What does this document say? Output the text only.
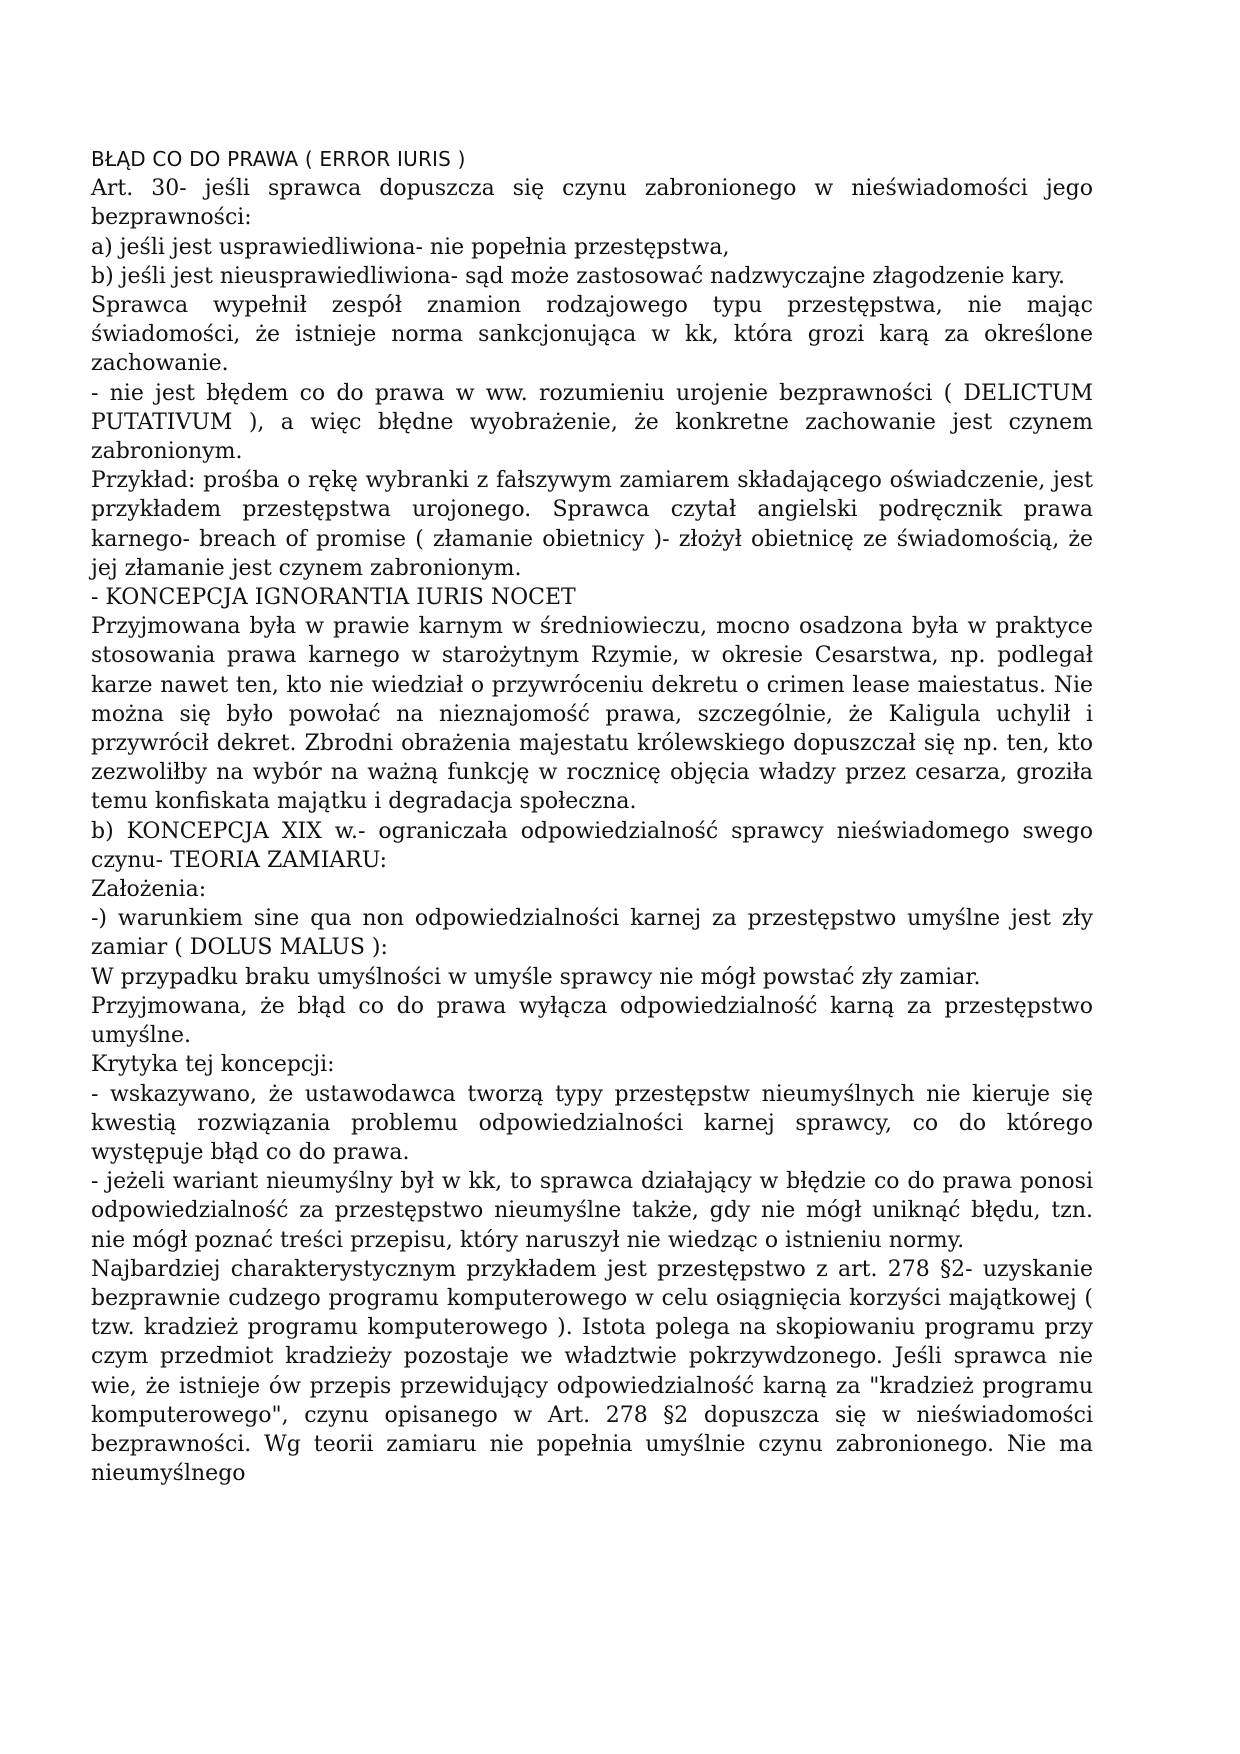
BŁĄD CO DO PRAWA ( ERROR IURIS )

Art. 30- jeśli sprawca dopuszcza się czynu zabronionego w nieświadomości jego bezprawności:

a) jeśli jest usprawiedliwiona- nie popełnia przestępstwa,

b) jeśli jest nieusprawiedliwiona- sąd może zastosować nadzwyczajne złagodzenie kary.

Sprawca wypełnił zespół znamion rodzajowego typu przestępstwa, nie mając świadomości, że istnieje norma sankcjonująca w kk, która grozi karą za określone zachowanie.

- nie jest błędem co do prawa w ww. rozumieniu urojenie bezprawności ( DELICTUM PUTATIVUM ), a więc błędne wyobrażenie, że konkretne zachowanie jest czynem zabronionym.

Przykład: prośba o rękę wybranki z fałszywym zamiarem składającego oświadczenie, jest przykładem przestępstwa urojonego. Sprawca czytał angielski podręcznik prawa karnego- breach of promise ( złamanie obietnicy )- złożył obietnicę ze świadomością, że jej złamanie jest czynem zabronionym.

- KONCEPCJA IGNORANTIA IURIS NOCET

Przyjmowana była w prawie karnym w średniowieczu, mocno osadzona była w praktyce stosowania prawa karnego w starożytnym Rzymie, w okresie Cesarstwa, np. podlegał karze nawet ten, kto nie wiedział o przywróceniu dekretu o crimen lease maiestatus. Nie można się było powołać na nieznajomość prawa, szczególnie, że Kaligula uchylił i przywrócił dekret. Zbrodni obrażenia majestatu królewskiego dopuszczał się np. ten, kto zezwoliłby na wybór na ważną funkcję w rocznicę objęcia władzy przez cesarza, groziła temu konfiskata majątku i degradacja społeczna.

b) KONCEPCJA XIX w.- ograniczała odpowiedzialność sprawcy nieświadomego swego czynu- TEORIA ZAMIARU:

Założenia:

-) warunkiem sine qua non odpowiedzialności karnej za przestępstwo umyślne jest zły zamiar ( DOLUS MALUS ):

W przypadku braku umyślności w umyśle sprawcy nie mógł powstać zły zamiar.

Przyjmowana, że błąd co do prawa wyłącza odpowiedzialność karną za przestępstwo umyślne.

Krytyka tej koncepcji:

- wskazywano, że ustawodawca tworzą typy przestępstw nieumyślnych nie kieruje się kwestią rozwiązania problemu odpowiedzialności karnej sprawcy, co do którego występuje błąd co do prawa.

- jeżeli wariant nieumyślny był w kk, to sprawca działający w błędzie co do prawa ponosi odpowiedzialność za przestępstwo nieumyślne także, gdy nie mógł uniknąć błędu, tzn. nie mógł poznać treści przepisu, który naruszył nie wiedząc o istnieniu normy.

Najbardziej charakterystycznym przykładem jest przestępstwo z art. 278 §2- uzyskanie bezprawnie cudzego programu komputerowego w celu osiągnięcia korzyści majątkowej ( tzw. kradzież programu komputerowego ). Istota polega na skopiowaniu programu przy czym przedmiot kradzieży pozostaje we władztwie pokrzywdzonego. Jeśli sprawca nie wie, że istnieje ów przepis przewidujący odpowiedzialność karną za "kradzież programu komputerowego", czynu opisanego w Art. 278 §2 dopuszcza się w nieświadomości bezprawności. Wg teorii zamiaru nie popełnia umyślnie czynu zabronionego. Nie ma nieumyślnego
